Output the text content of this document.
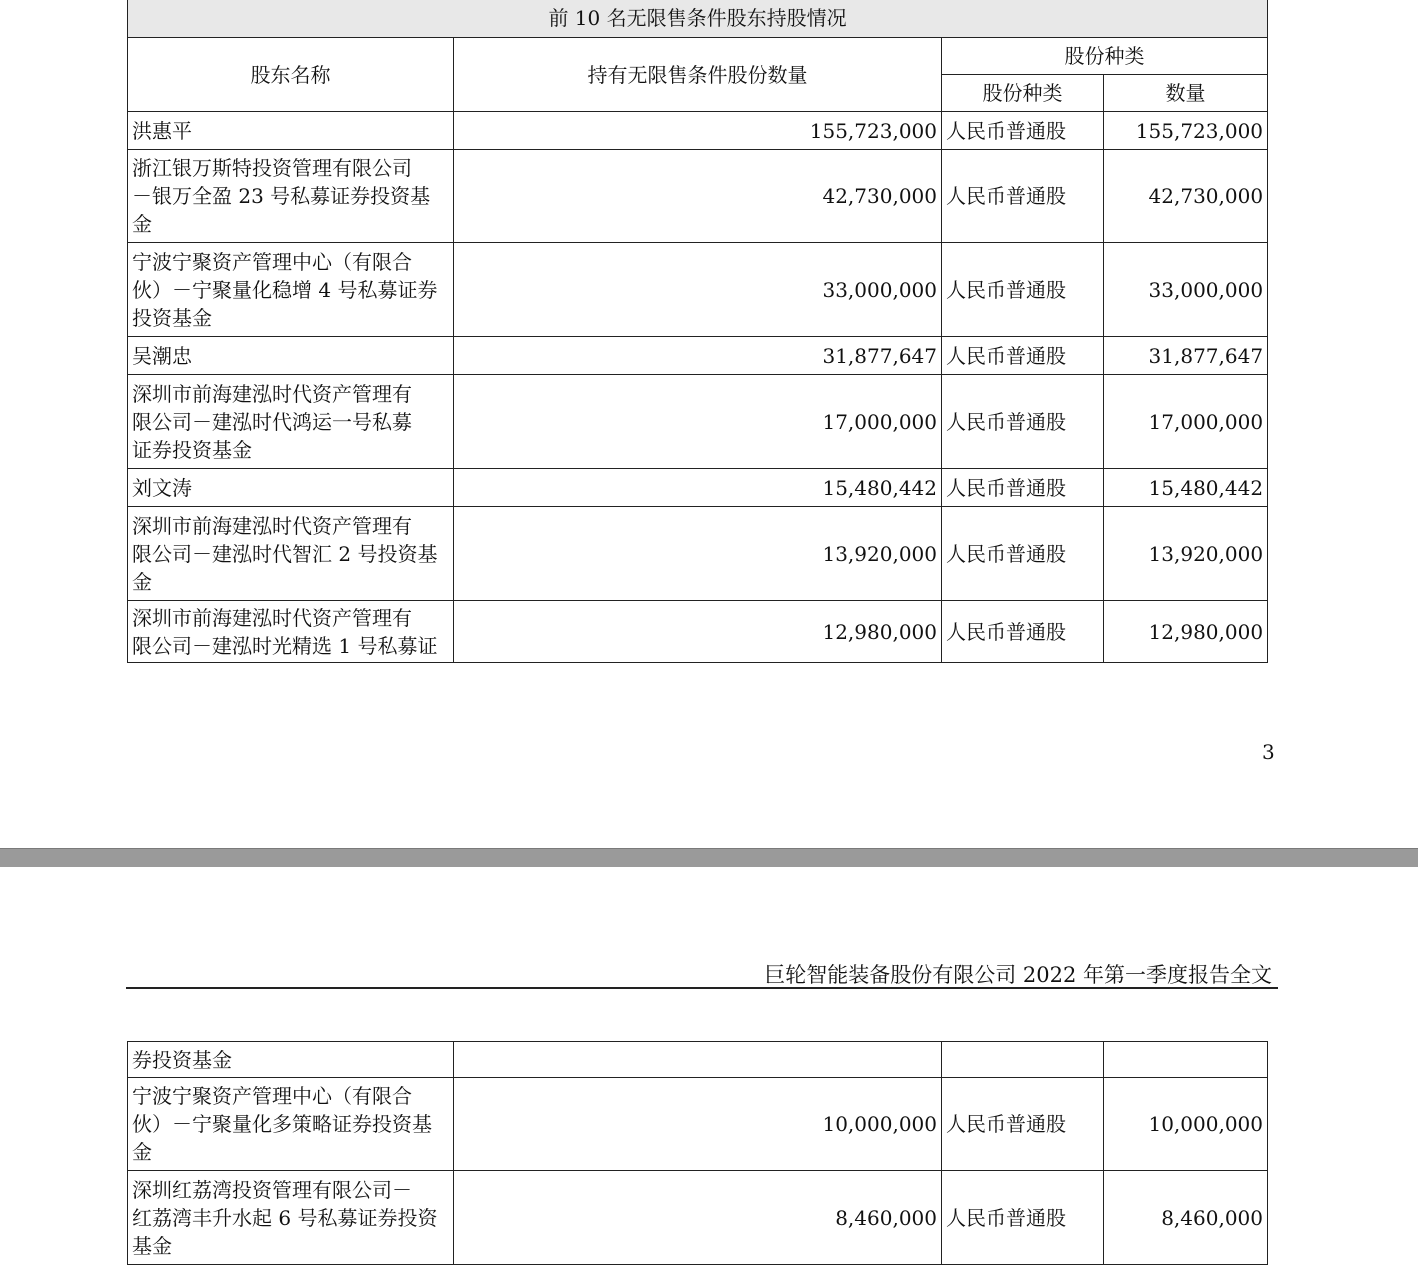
前 10 名无限售条件股东持股情况			
股东名称	持有无限售条件股份数量	股份种类	
		股份种类	数量
洪惠平	155,723,000	人民币普通股	155,723,000
浙江银万斯特投资管理有限公司
－银万全盈 23 号私募证券投资基
金	42,730,000	人民币普通股	42,730,000
宁波宁聚资产管理中心（有限合
伙）－宁聚量化稳增 4 号私募证券
投资基金	33,000,000	人民币普通股	33,000,000
吴潮忠	31,877,647	人民币普通股	31,877,647
深圳市前海建泓时代资产管理有
限公司－建泓时代鸿运一号私募
证券投资基金	17,000,000	人民币普通股	17,000,000
刘文涛	15,480,442	人民币普通股	15,480,442
深圳市前海建泓时代资产管理有
限公司－建泓时代智汇 2 号投资基
金	13,920,000	人民币普通股	13,920,000
深圳市前海建泓时代资产管理有
限公司－建泓时光精选 1 号私募证	12,980,000	人民币普通股	12,980,000
3
巨轮智能装备股份有限公司 2022 年第一季度报告全文
券投资基金			
宁波宁聚资产管理中心（有限合
伙）－宁聚量化多策略证券投资基
金	10,000,000	人民币普通股	10,000,000
深圳红荔湾投资管理有限公司－
红荔湾丰升水起 6 号私募证券投资
基金	8,460,000	人民币普通股	8,460,000
